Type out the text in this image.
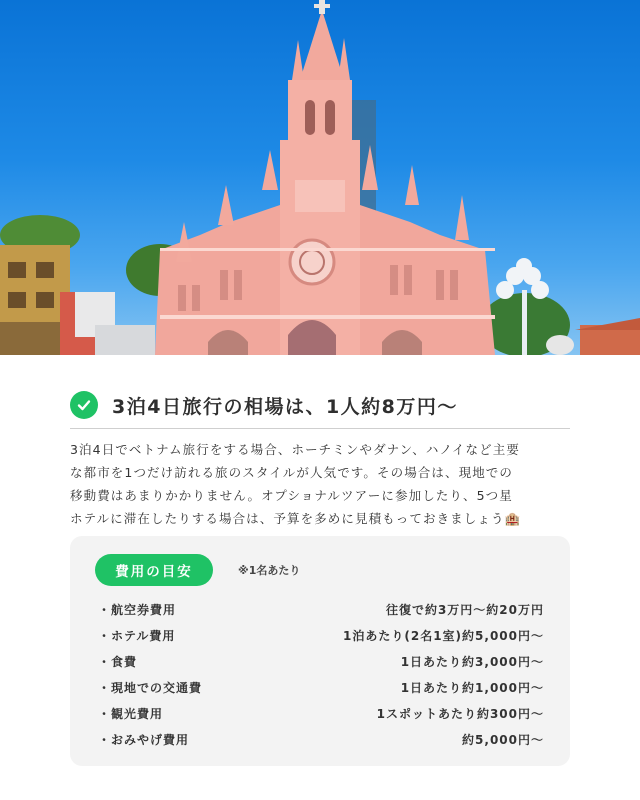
3泊4日旅行の相場は、1人約8万円〜
3泊4日でベトナム旅行をする場合、ホーチミンやダナン、ハノイなど主要
な都市を1つだけ訪れる旅のスタイルが人気です。その場合は、現地での
移動費はあまりかかりません。オプショナルツアーに参加したり、5つ星
ホテルに滞在したりする場合は、予算を多めに見積もっておきましょう🏨
費用の目安	※1名あたり
・ 航空券費用	往復で約3万円〜約20万円
・ ホテル費用	1泊あたり(2名1室)約5,000円〜
・ 食費	1日あたり約3,000円〜
・ 現地での交通費	1日あたり約1,000円〜
・ 観光費用	1スポットあたり約300円〜
・ おみやげ費用	約5,000円〜
